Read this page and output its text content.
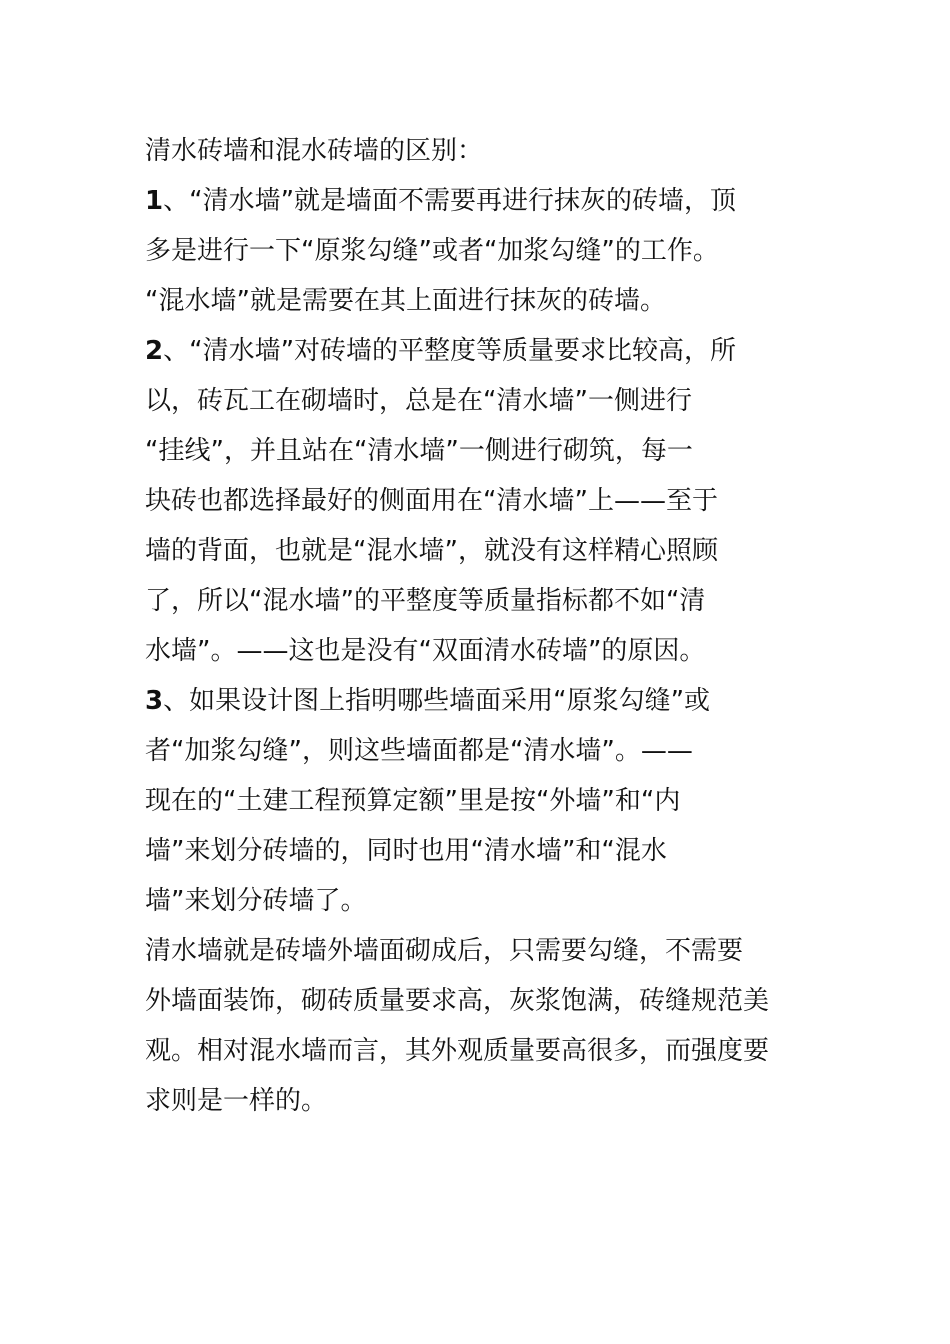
清水砖墙和混水砖墙的区别：
1、“清水墙”就是墙面不需要再进行抹灰的砖墙，顶
多是进行一下“原浆勾缝”或者“加浆勾缝”的工作。
“混水墙”就是需要在其上面进行抹灰的砖墙。
2、“清水墙”对砖墙的平整度等质量要求比较高，所
以，砖瓦工在砌墙时，总是在“清水墙”一侧进行
“挂线”，并且站在“清水墙”一侧进行砌筑，每一
块砖也都选择最好的侧面用在“清水墙”上——至于
墙的背面，也就是“混水墙”，就没有这样精心照顾
了，所以“混水墙”的平整度等质量指标都不如“清
水墙”。——这也是没有“双面清水砖墙”的原因。
3、如果设计图上指明哪些墙面采用“原浆勾缝”或
者“加浆勾缝”，则这些墙面都是“清水墙”。——
现在的“土建工程预算定额”里是按“外墙”和“内
墙”来划分砖墙的，同时也用“清水墙”和“混水
墙”来划分砖墙了。
清水墙就是砖墙外墙面砌成后，只需要勾缝，不需要
外墙面装饰，砌砖质量要求高，灰浆饱满，砖缝规范美
观。相对混水墙而言，其外观质量要高很多，而强度要
求则是一样的。
